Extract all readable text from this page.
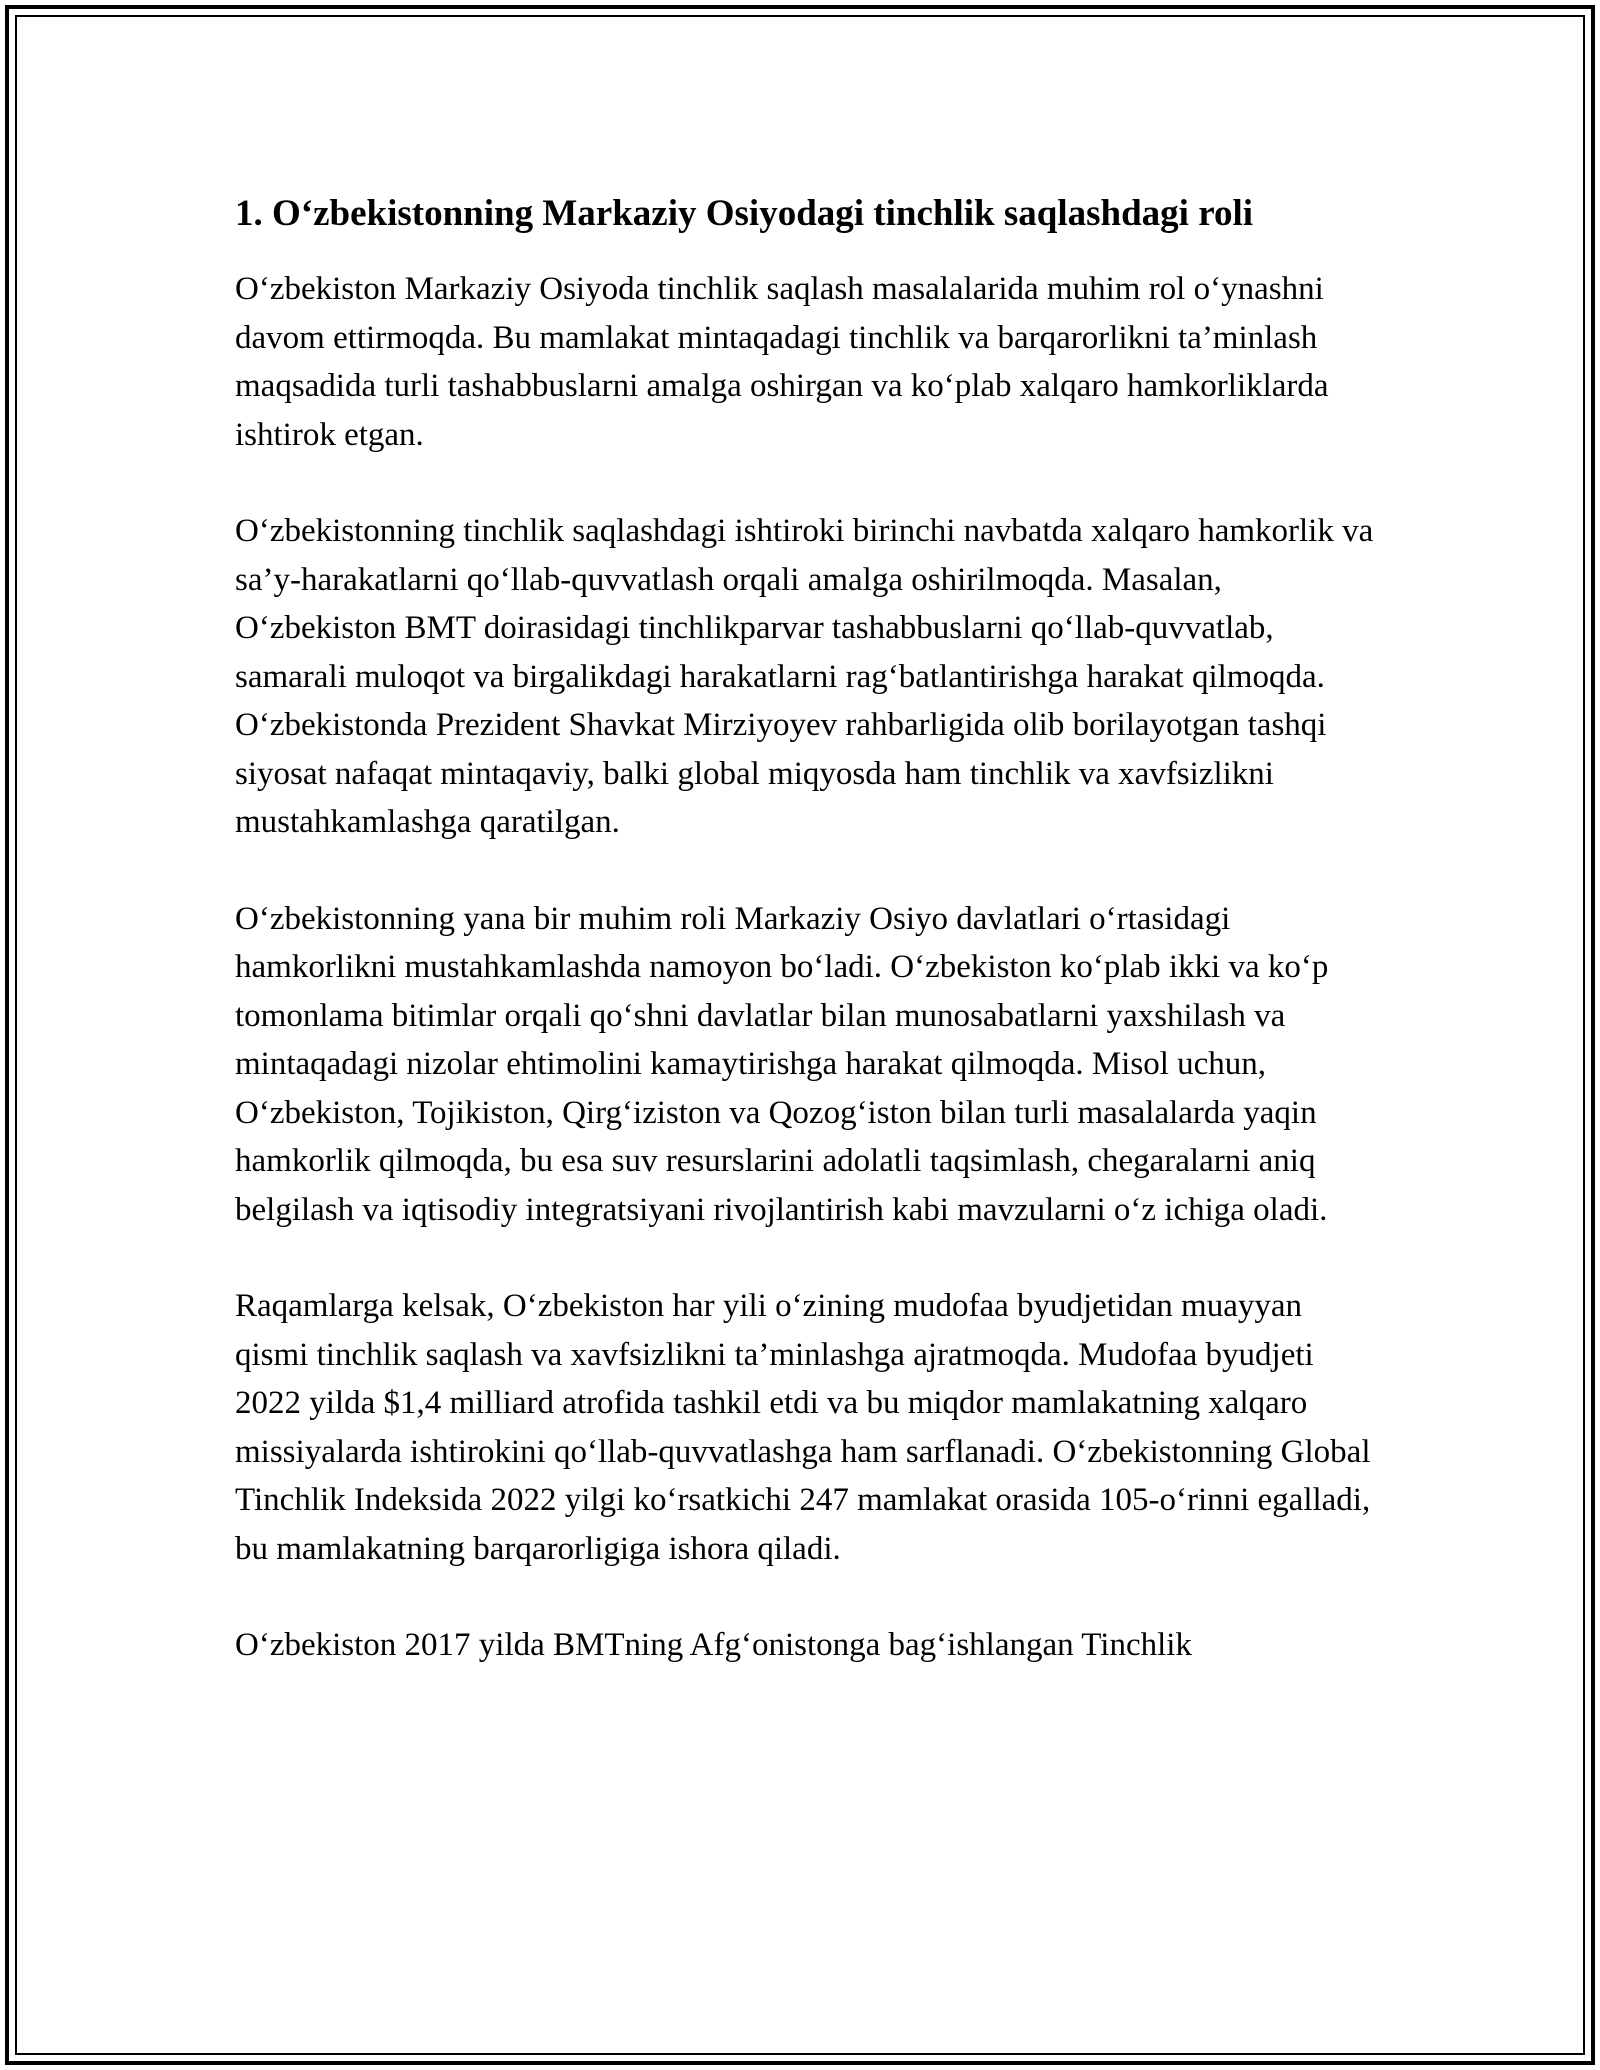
1. O‘zbekistonning Markaziy Osiyodagi tinchlik saqlashdagi roli

O‘zbekiston Markaziy Osiyoda tinchlik saqlash masalalarida muhim rol o‘ynashni davom ettirmoqda. Bu mamlakat mintaqadagi tinchlik va barqarorlikni ta’minlash maqsadida turli tashabbuslarni amalga oshirgan va ko‘plab xalqaro hamkorliklarda ishtirok etgan.

O‘zbekistonning tinchlik saqlashdagi ishtiroki birinchi navbatda xalqaro hamkorlik va sa’y-harakatlarni qo‘llab-quvvatlash orqali amalga oshirilmoqda. Masalan, O‘zbekiston BMT doirasidagi tinchlikparvar tashabbuslarni qo‘llab-quvvatlab, samarali muloqot va birgalikdagi harakatlarni rag‘batlantirishga harakat qilmoqda. O‘zbekistonda Prezident Shavkat Mirziyoyev rahbarligida olib borilayotgan tashqi siyosat nafaqat mintaqaviy, balki global miqyosda ham tinchlik va xavfsizlikni mustahkamlashga qaratilgan.

O‘zbekistonning yana bir muhim roli Markaziy Osiyo davlatlari o‘rtasidagi hamkorlikni mustahkamlashda namoyon bo‘ladi. O‘zbekiston ko‘plab ikki va ko‘p tomonlama bitimlar orqali qo‘shni davlatlar bilan munosabatlarni yaxshilash va mintaqadagi nizolar ehtimolini kamaytirishga harakat qilmoqda. Misol uchun, O‘zbekiston, Tojikiston, Qirg‘iziston va Qozog‘iston bilan turli masalalarda yaqin hamkorlik qilmoqda, bu esa suv resurslarini adolatli taqsimlash, chegaralarni aniq belgilash va iqtisodiy integratsiyani rivojlantirish kabi mavzularni o‘z ichiga oladi.

Raqamlarga kelsak, O‘zbekiston har yili o‘zining mudofaa byudjetidan muayyan qismi tinchlik saqlash va xavfsizlikni ta’minlashga ajratmoqda. Mudofaa byudjeti 2022 yilda $1,4 milliard atrofida tashkil etdi va bu miqdor mamlakatning xalqaro missiyalarda ishtirokini qo‘llab-quvvatlashga ham sarflanadi. O‘zbekistonning Global Tinchlik Indeksida 2022 yilgi ko‘rsatkichi 247 mamlakat orasida 105-o‘rinni egalladi, bu mamlakatning barqarorligiga ishora qiladi.

O‘zbekiston 2017 yilda BMTning Afg‘onistonga bag‘ishlangan Tinchlik
